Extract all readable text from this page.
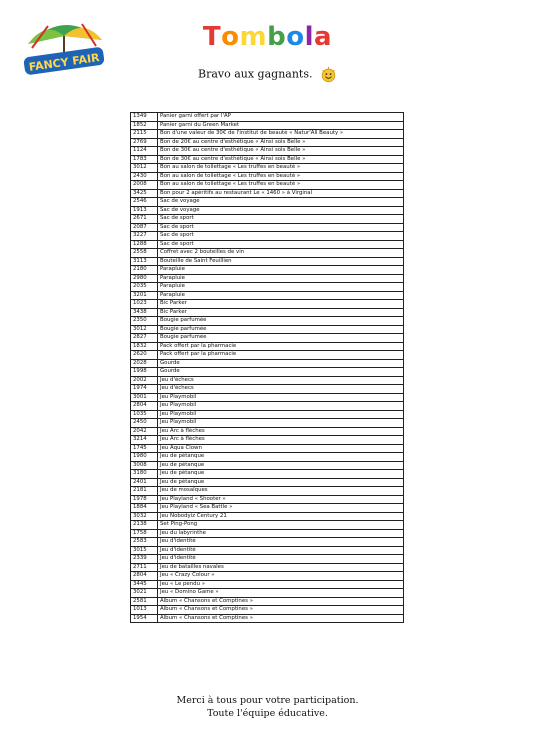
FANCY FAIR
Tombola
Bravo aux gagnants.
1349	Panier garni offert par l'AP
1852	Panier garni du Green Market
2115	Bon d'une valeur de 30€ de l'institut de beauté « Natur'All Beauty »
2769	Bon de 20€ au centre d'esthétique « Ainsi sois Belle »
1124	Bon de 30€ au centre d'esthétique « Ainsi sois Belle »
1783	Bon de 30€ au centre d'esthétique « Ainsi sois Belle »
3012	Bon au salon de toilettage « Les truffes en beauté »
2430	Bon au salon de toilettage « Les truffes en beauté »
2008	Bon au salon de toilettage « Les truffes en beauté »
3425	Bon pour 2 apéritifs au restaurant Le « 1460 » à Virginal
2546	Sac de voyage
1913	Sac de voyage
2671	Sac de sport
2087	Sac de sport
3227	Sac de sport
1288	Sac de sport
2558	Coffret avec 2 bouteilles de vin
3113	Bouteille de Saint Feuillien
2180	Parapluie
2980	Parapluie
2035	Parapluie
3201	Parapluie
1023	Bic Parker
3438	Bic Parker
2350	Bougie parfumée
3012	Bougie parfumée
2827	Bougie parfumée
1832	Pack offert par la pharmacie
2620	Pack offert par la pharmacie
2028	Gourde
1998	Gourde
2002	Jeu d'échecs
1974	Jeu d'échecs
3001	Jeu Playmobil
2804	Jeu Playmobil
1035	Jeu Playmobil
2450	Jeu Playmobil
2042	Jeu Arc à flèches
3214	Jeu Arc à flèches
1745	Jeu Aqua Clown
1980	Jeu de pétanque
3008	Jeu de pétanque
3180	Jeu de pétanque
2401	Jeu de pétanque
2181	Jeu de mosaïques
1978	Jeu Playland « Shooter »
1884	Jeu Playland « Sea Battle »
3032	Jeu Nobodyiz Century 21
2138	Set Ping-Pong
1758	Jeu du labyrinthe
2583	Jeu d'identité
3015	Jeu d'identité
2339	Jeu d'identité
2711	Jeu de batailles navales
2804	Jeu « Crazy Colour »
3445	Jeu « Le pendu »
3021	Jeu « Domino Game »
2581	Album « Chansons et Comptines »
1013	Album « Chansons et Comptines »
1954	Album « Chansons et Comptines »
Merci à tous pour votre participation.
Toute l'équipe éducative.
